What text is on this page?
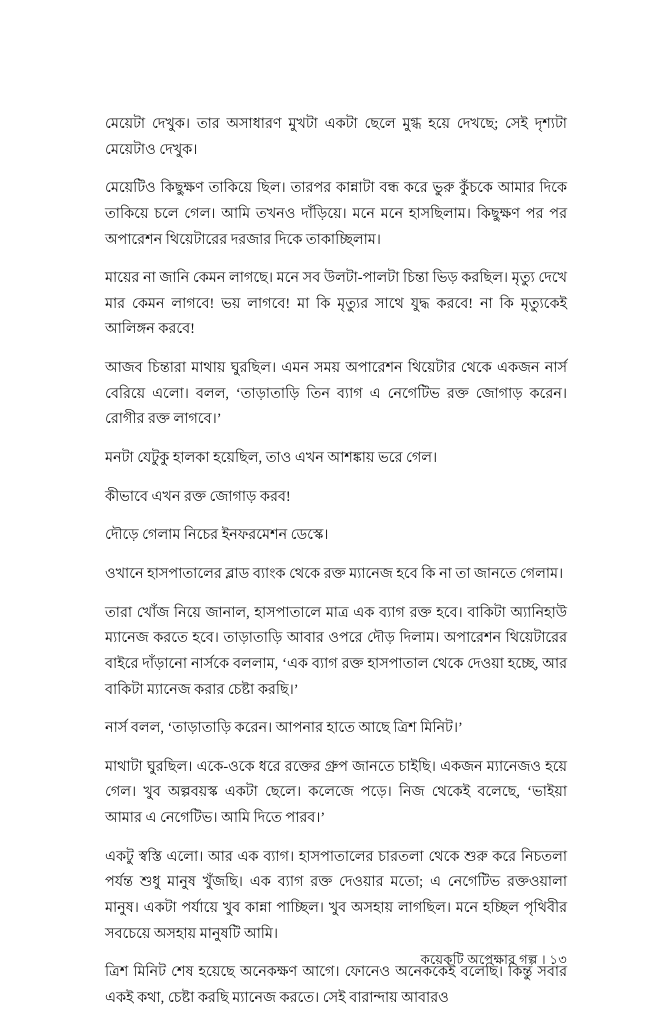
মেয়েটা দেখুক। তার অসাধারণ মুখটা একটা ছেলে মুগ্ধ হয়ে দেখছে; সেই দৃশ্যটা মেয়েটাও দেখুক।

মেয়েটিও কিছুক্ষণ তাকিয়ে ছিল। তারপর কান্নাটা বন্ধ করে ভুরু কুঁচকে আমার দিকে তাকিয়ে চলে গেল। আমি তখনও দাঁড়িয়ে। মনে মনে হাসছিলাম। কিছুক্ষণ পর পর অপারেশন থিয়েটারের দরজার দিকে তাকাচ্ছিলাম।

মায়ের না জানি কেমন লাগছে। মনে সব উলটা-পালটা চিন্তা ভিড় করছিল। মৃত্যু দেখে মার কেমন লাগবে! ভয় লাগবে! মা কি মৃত্যুর সাথে যুদ্ধ করবে! না কি মৃত্যুকেই আলিঙ্গন করবে!

আজব চিন্তারা মাথায় ঘুরছিল। এমন সময় অপারেশন থিয়েটার থেকে একজন নার্স বেরিয়ে এলো। বলল, ‘তাড়াতাড়ি তিন ব্যাগ এ নেগেটিভ রক্ত জোগাড় করেন। রোগীর রক্ত লাগবে।’

মনটা যেটুকু হালকা হয়েছিল, তাও এখন আশঙ্কায় ভরে গেল।

কীভাবে এখন রক্ত জোগাড় করব!

দৌড়ে গেলাম নিচের ইনফরমেশন ডেস্কে।

ওখানে হাসপাতালের ব্লাড ব্যাংক থেকে রক্ত ম্যানেজ হবে কি না তা জানতে গেলাম।

তারা খোঁজ নিয়ে জানাল, হাসপাতালে মাত্র এক ব্যাগ রক্ত হবে। বাকিটা অ্যানিহাউ ম্যানেজ করতে হবে। তাড়াতাড়ি আবার ওপরে দৌড় দিলাম। অপারেশন থিয়েটারের বাইরে দাঁড়ানো নার্সকে বললাম, ‘এক ব্যাগ রক্ত হাসপাতাল থেকে দেওয়া হচ্ছে, আর বাকিটা ম্যানেজ করার চেষ্টা করছি।’

নার্স বলল, ‘তাড়াতাড়ি করেন। আপনার হাতে আছে ত্রিশ মিনিট।’

মাথাটা ঘুরছিল। একে-ওকে ধরে রক্তের গ্রুপ জানতে চাইছি। একজন ম্যানেজও হয়ে গেল। খুব অল্পবয়স্ক একটা ছেলে। কলেজে পড়ে। নিজ থেকেই বলেছে, ‘ভাইয়া আমার এ নেগেটিভ। আমি দিতে পারব।’

একটু স্বস্তি এলো। আর এক ব্যাগ। হাসপাতালের চারতলা থেকে শুরু করে নিচতলা পর্যন্ত শুধু মানুষ খুঁজছি। এক ব্যাগ রক্ত দেওয়ার মতো; এ নেগেটিভ রক্তওয়ালা মানুষ। একটা পর্যায়ে খুব কান্না পাচ্ছিল। খুব অসহায় লাগছিল। মনে হচ্ছিল পৃথিবীর সবচেয়ে অসহায় মানুষটি আমি।

ত্রিশ মিনিট শেষ হয়েছে অনেকক্ষণ আগে। ফোনেও অনেককেই বলেছি। কিন্তু সবার একই কথা, চেষ্টা করছি ম্যানেজ করতে। সেই বারান্দায় আবারও

কয়েকটি অপেক্ষার গল্প । ১৩
